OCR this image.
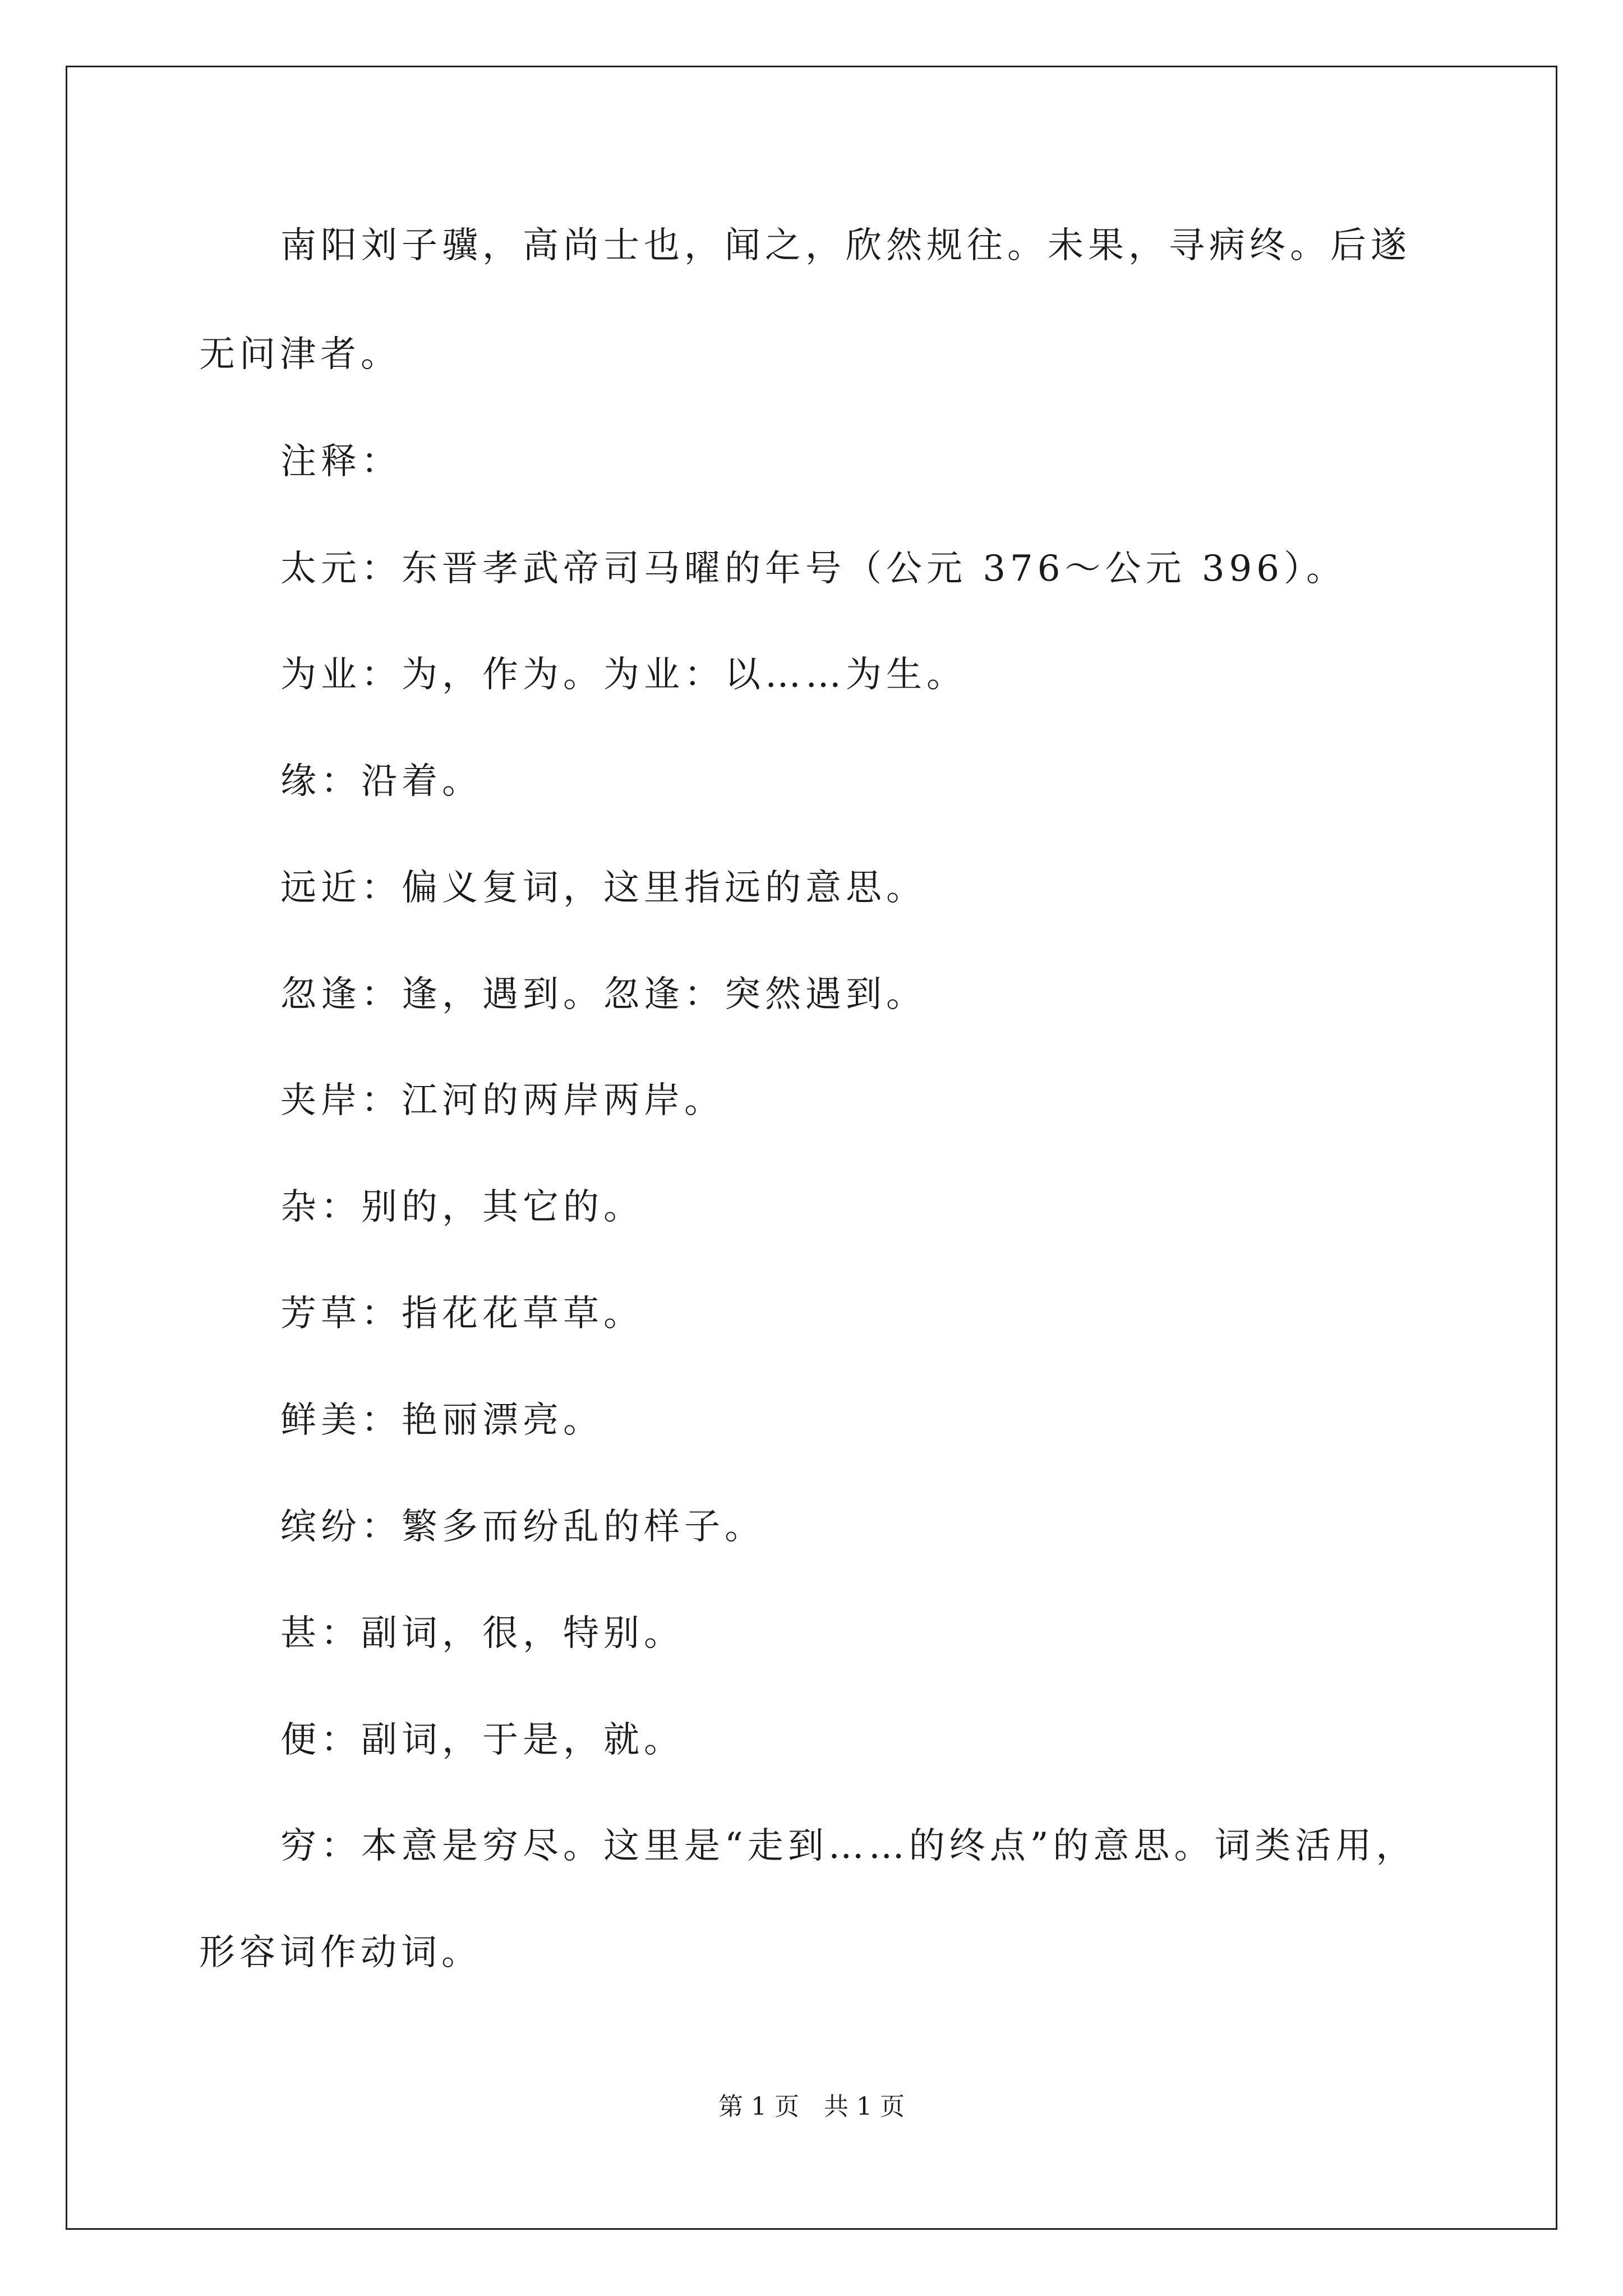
南阳刘子骥，高尚士也，闻之，欣然规往。未果，寻病终。后遂
无问津者。
注释：
太元：东晋孝武帝司马曜的年号（公元 376～公元 396）。
为业：为，作为。为业：以……为生。
缘：沿着。
远近：偏义复词，这里指远的意思。
忽逢：逢，遇到。忽逢：突然遇到。
夹岸：江河的两岸两岸。
杂：别的，其它的。
芳草：指花花草草。
鲜美：艳丽漂亮。
缤纷：繁多而纷乱的样子。
甚：副词，很，特别。
便：副词，于是，就。
穷：本意是穷尽。这里是“走到……的终点”的意思。词类活用，
形容词作动词。
第 1 页　共 1 页
